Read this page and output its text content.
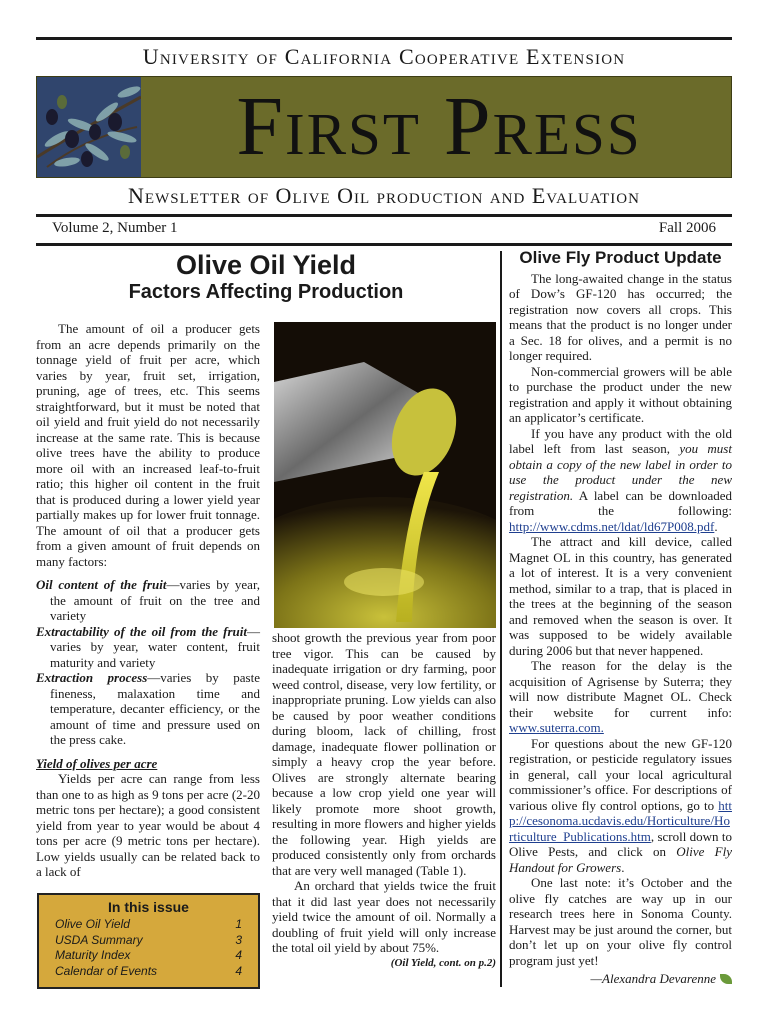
University of California Cooperative Extension
First Press
Newsletter of Olive Oil production and Evaluation
Volume 2, Number 1	Fall 2006
Olive Oil Yield
Factors Affecting Production

The amount of oil a producer gets from an acre depends primarily on the tonnage yield of fruit per acre, which varies by year, fruit set, irrigation, pruning, age of trees, etc. This seems straightforward, but it must be noted that oil yield and fruit yield do not necessarily increase at the same rate. This is because olive trees have the ability to produce more oil with an increased leaf-to-fruit ratio; this higher oil content in the fruit that is produced during a lower yield year partially makes up for lower fruit tonnage. The amount of oil that a producer gets from a given amount of fruit depends on many factors:

Oil content of the fruit—varies by year, the amount of fruit on the tree and variety
Extractability of the oil from the fruit—varies by year, water content, fruit maturity and variety
Extraction process—varies by paste fineness, malaxation time and temperature, decanter efficiency, or the amount of time and pressure used on the press cake.
Yield of olives per acre

Yields per acre can range from less than one to as high as 9 tons per acre (2-20 metric tons per hectare); a good consistent yield from year to year would be about 4 tons per acre (9 metric tons per hectare). Low yields usually can be related back to a lack of

shoot growth the previous year from poor tree vigor. This can be caused by inadequate irrigation or dry farming, poor weed control, disease, very low fertility, or inappropriate pruning. Low yields can also be caused by poor weather conditions during bloom, lack of chilling, frost damage, inadequate flower pollination or simply a heavy crop the year before. Olives are strongly alternate bearing because a low crop yield one year will likely promote more shoot growth, resulting in more flowers and higher yields the following year. High yields are produced consistently only from orchards that are very well managed (Table 1).

An orchard that yields twice the fruit that it did last year does not necessarily yield twice the amount of oil. Normally a doubling of fruit yield will only increase the total oil yield by about 75%.

(Oil Yield, cont. on p.2)
Olive Fly Product Update

The long-awaited change in the status of Dow’s GF-120 has occurred; the registration now covers all crops. This means that the product is no longer under a Sec. 18 for olives, and a permit is no longer required.

Non-commercial growers will be able to purchase the product under the new registration and apply it without obtaining an applicator’s certificate.

If you have any product with the old label left from last season, you must obtain a copy of the new label in order to use the product under the new registration. A label can be downloaded from the following: http://www.cdms.net/ldat/ld67P008.pdf.

The attract and kill device, called Magnet OL in this country, has generated a lot of interest. It is a very convenient method, similar to a trap, that is placed in the trees at the beginning of the season and removed when the season is over. It was supposed to be widely available during 2006 but that never happened.

The reason for the delay is the acquisition of Agrisense by Suterra; they will now distribute Magnet OL. Check their website for current info: www.suterra.com.

For questions about the new GF-120 registration, or pesticide regulatory issues in general, call your local agricultural commissioner’s office. For descriptions of various olive fly control options, go to http://cesonoma.ucdavis.edu/Horticulture/Horticulture_Publications.htm, scroll down to Olive Pests, and click on Olive Fly Handout for Growers.

One last note: it’s October and the olive fly catches are way up in our research trees here in Sonoma County. Harvest may be just around the corner, but don’t let up on your olive fly control program just yet!

—Alexandra Devarenne
In this issue
Olive Oil Yield	1
USDA Summary	3
Maturity Index	4
Calendar of Events	4
